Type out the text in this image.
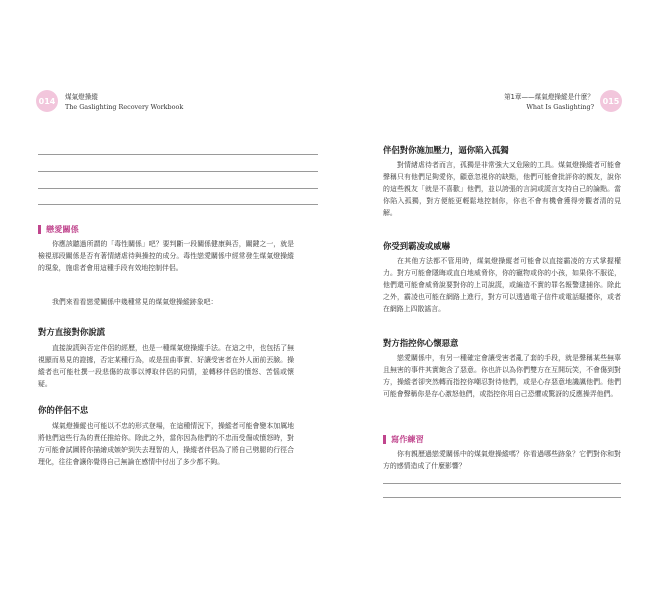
014	煤氣燈操縱
The Gaslighting Recovery Workbook
戀愛關係

你應該聽過所謂的「毒性關係」吧？要判斷一段關係健康與否，關鍵之一，就是檢視那段關係是否有著情緒虐待與操控的成分。毒性戀愛關係中經常發生煤氣燈操縱的現象，施虐者會用這種手段有效地控制伴侶。

我們來看看戀愛關係中幾種常見的煤氣燈操縱跡象吧：

對方直接對你說謊

直接說謊與否定伴侶的經歷，也是一種煤氣燈操縱手法。在這之中，也包括了無視顯而易見的證據，否定某種行為，或是扭曲事實、好讓受害者在外人面前丟臉。操縱者也可能杜撰一段悲傷的故事以博取伴侶的同情，並轉移伴侶的憤怒、苦惱或懷疑。

你的伴侶不忠

煤氣燈操縱也可能以不忠的形式登場，在這種情況下，操縱者可能會變本加厲地將他們這些行為的責任推給你。除此之外，當你因為他們的不忠而受傷或憤怒時，對方可能會試圖將你描繪成嫉妒到失去理智的人，操縱者伴侶為了將自己劈腿的行徑合理化，往往會讓你覺得自己無論在感情中付出了多少都不夠。

第1章——煤氣燈操縱是什麼？
What Is Gaslighting?
015
伴侶對你施加壓力，逼你陷入孤獨

對情緒虐待者而言，孤獨是非常強大又危險的工具。煤氣燈操縱者可能會聲稱只有他們足夠愛你，顧意忽視你的缺點，他們可能會批評你的親友，說你的這些親友「就是不喜歡」他們，並以誇張的言詞或謊言支持自己的論點。當你陷入孤獨，對方便能更輕鬆地控制你，你也不會有機會獲得旁觀者清的見解。

你受到霸凌或威嚇

在其他方法都不管用時，煤氣燈操縱者可能會以直接霸凌的方式掌握權力。對方可能會隱晦或直白地威脅你，你的寵物或你的小孩，如果你不服從，他們還可能會威脅說要對你的上司說謊，或編造不實的罪名報警逮捕你。除此之外，霸凌也可能在網路上進行，對方可以透過電子信件或電話騷擾你，或者在網路上四散謠言。

對方指控你心懷惡意

戀愛關係中，有另一種確定會讓受害者亂了套的手段，就是聲稱某些無辜且無害的事件其實飽含了惡意。你也許以為你們雙方在互開玩笑，不會傷到對方，操縱者卻突然轉而指控你嘲忍對待他們，或是心存惡意地譏諷他們。他們可能會聲稱你是存心激怒他們，或指控你用自己恐懼或驚訝的反應操弄他們。

寫作練習

你有親歷過戀愛關係中的煤氣燈操縱嗎？你看過哪些跡象？它們對你和對方的感情造成了什麼影響？
